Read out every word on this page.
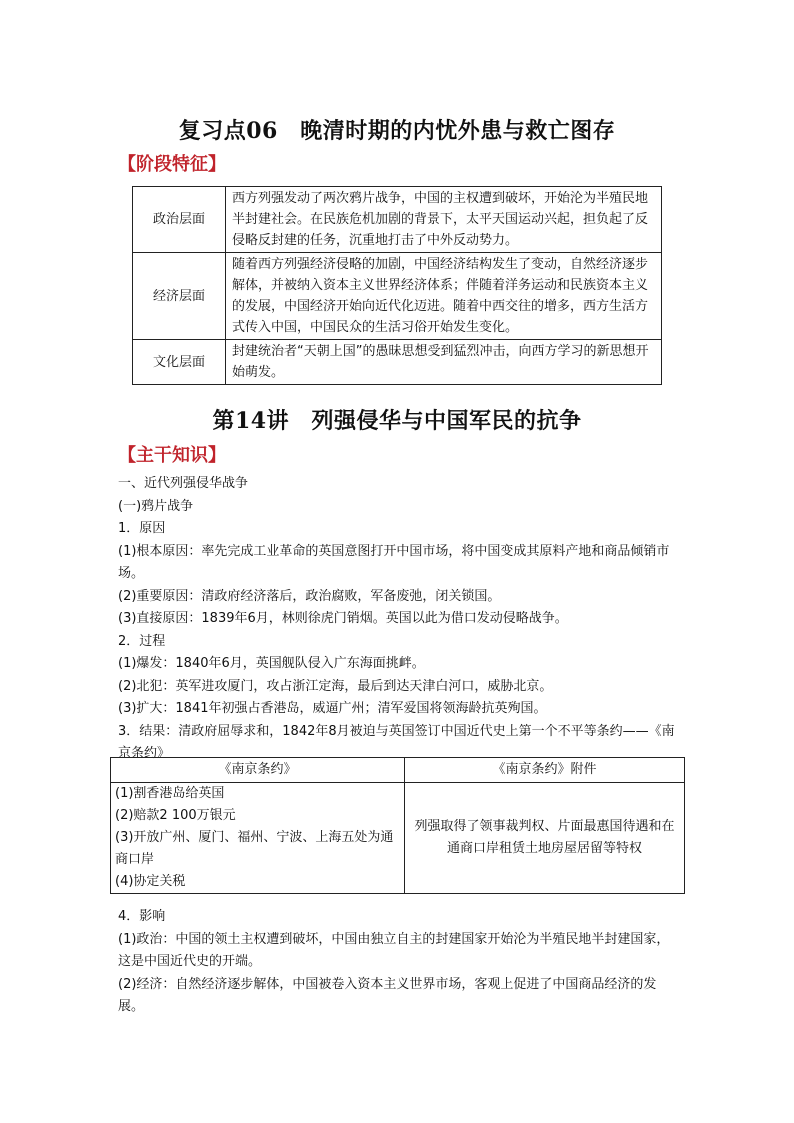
复习点06　晚清时期的内忧外患与救亡图存
【阶段特征】
政治层面	西方列强发动了两次鸦片战争，中国的主权遭到破坏，开始沦为半殖民地半封建社会。在民族危机加剧的背景下，太平天国运动兴起，担负起了反侵略反封建的任务，沉重地打击了中外反动势力。
经济层面	随着西方列强经济侵略的加剧，中国经济结构发生了变动，自然经济逐步解体，并被纳入资本主义世界经济体系；伴随着洋务运动和民族资本主义的发展，中国经济开始向近代化迈进。随着中西交往的增多，西方生活方式传入中国，中国民众的生活习俗开始发生变化。
文化层面	封建统治者“天朝上国”的愚昧思想受到猛烈冲击，向西方学习的新思想开始萌发。
第14讲　列强侵华与中国军民的抗争
【主干知识】

一、近代列强侵华战争

(一)鸦片战争

1．原因

(1)根本原因：率先完成工业革命的英国意图打开中国市场，将中国变成其原料产地和商品倾销市场。

(2)重要原因：清政府经济落后，政治腐败，军备废弛，闭关锁国。

(3)直接原因：1839年6月，林则徐虎门销烟。英国以此为借口发动侵略战争。

2．过程

(1)爆发：1840年6月，英国舰队侵入广东海面挑衅。

(2)北犯：英军进攻厦门，攻占浙江定海，最后到达天津白河口，威胁北京。

(3)扩大：1841年初强占香港岛，威逼广州；清军爱国将领海龄抗英殉国。

3．结果：清政府屈辱求和，1842年8月被迫与英国签订中国近代史上第一个不平等条约——《南京条约》

《南京条约》	《南京条约》附件

(1)割香港岛给英国
(2)赔款2 100万银元
(3)开放广州、厦门、福州、宁波、上海五处为通商口岸
(4)协定关税	列强取得了领事裁判权、片面最惠国待遇和在通商口岸租赁土地房屋居留等特权

4．影响

(1)政治：中国的领土主权遭到破坏，中国由独立自主的封建国家开始沦为半殖民地半封建国家，这是中国近代史的开端。

(2)经济：自然经济逐步解体，中国被卷入资本主义世界市场，客观上促进了中国商品经济的发展。
